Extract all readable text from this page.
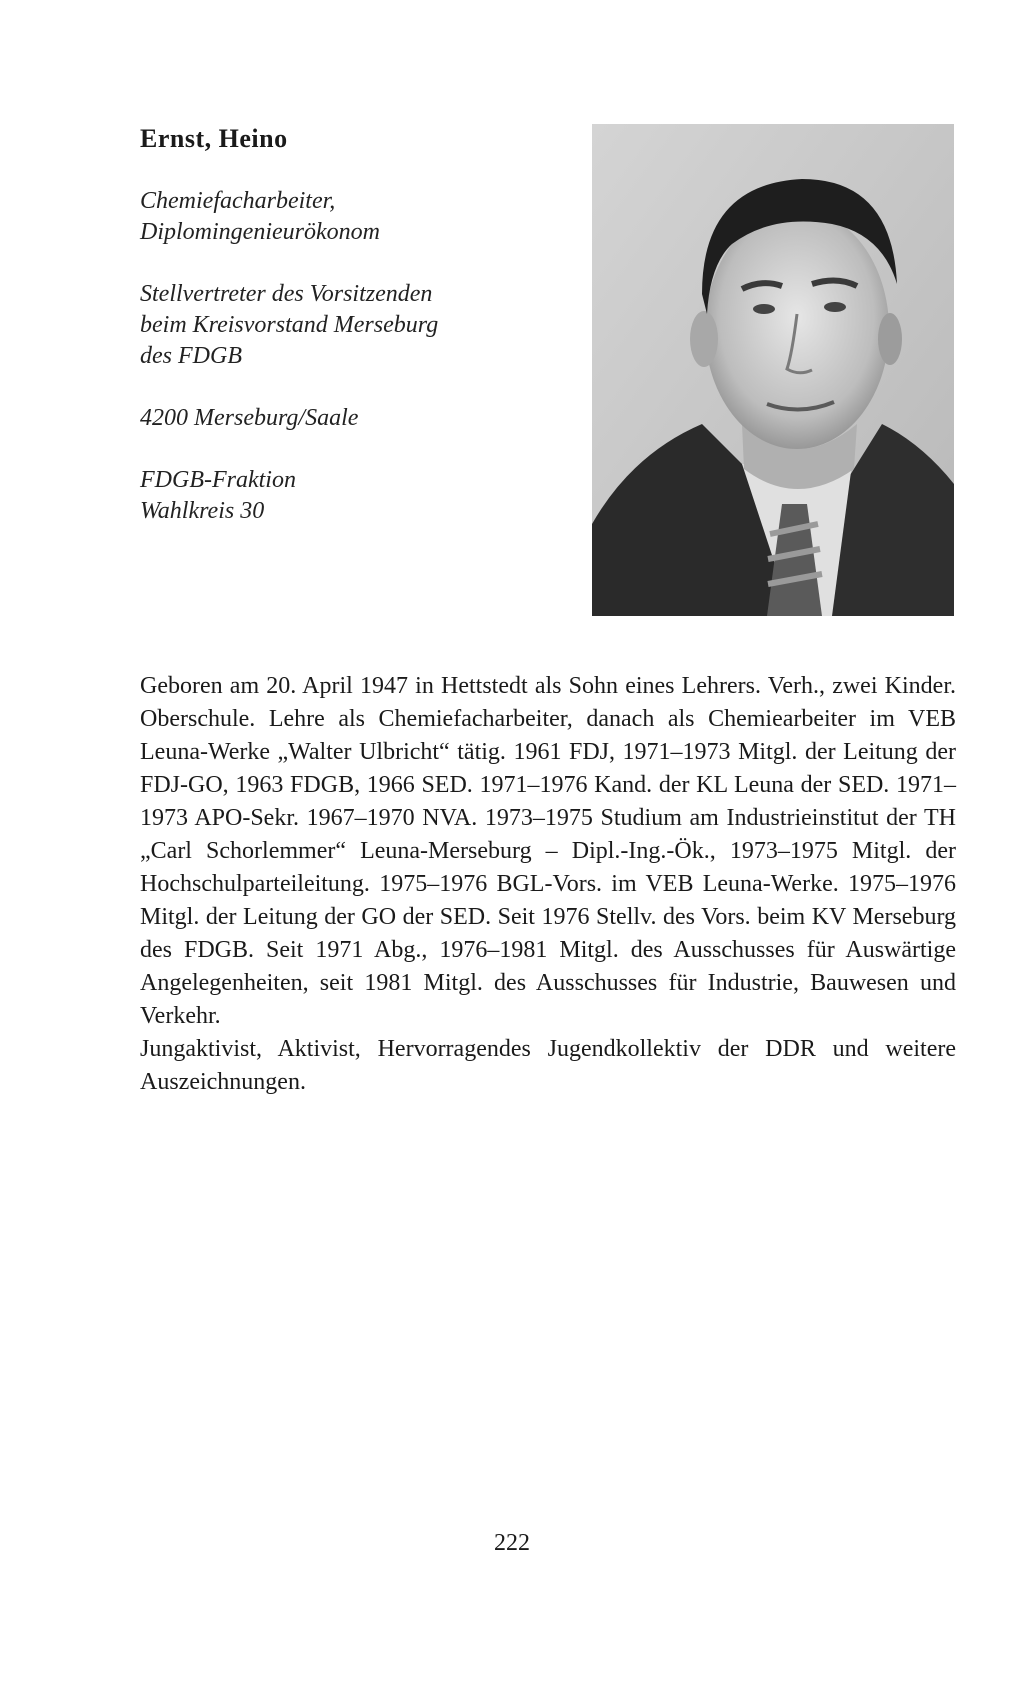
Ernst, Heino
Chemiefacharbeiter,
Diplomingenieurökonom
Stellvertreter des Vorsitzenden
beim Kreisvorstand Merseburg
des FDGB
4200 Merseburg/Saale
FDGB-Fraktion
Wahlkreis 30

Geboren am 20. April 1947 in Hettstedt als Sohn eines Lehrers. Verh., zwei Kinder. Oberschule. Lehre als Chemiefacharbeiter, danach als Chemiearbeiter im VEB Leuna-Werke „Walter Ulbricht“ tätig. 1961 FDJ, 1971–1973 Mitgl. der Leitung der FDJ-GO, 1963 FDGB, 1966 SED. 1971–1976 Kand. der KL Leuna der SED. 1971–1973 APO-Sekr. 1967–1970 NVA. 1973–1975 Studium am Industrieinstitut der TH „Carl Schorlemmer“ Leuna-Merseburg – Dipl.-Ing.-Ök., 1973–1975 Mitgl. der Hochschulparteileitung. 1975–1976 BGL-Vors. im VEB Leuna-Werke. 1975–1976 Mitgl. der Leitung der GO der SED. Seit 1976 Stellv. des Vors. beim KV Merseburg des FDGB. Seit 1971 Abg., 1976–1981 Mitgl. des Ausschusses für Auswärtige Angelegenheiten, seit 1981 Mitgl. des Ausschusses für Industrie, Bauwesen und Verkehr.

Jungaktivist, Aktivist, Hervorragendes Jugendkollektiv der DDR und weitere Auszeichnungen.

222
